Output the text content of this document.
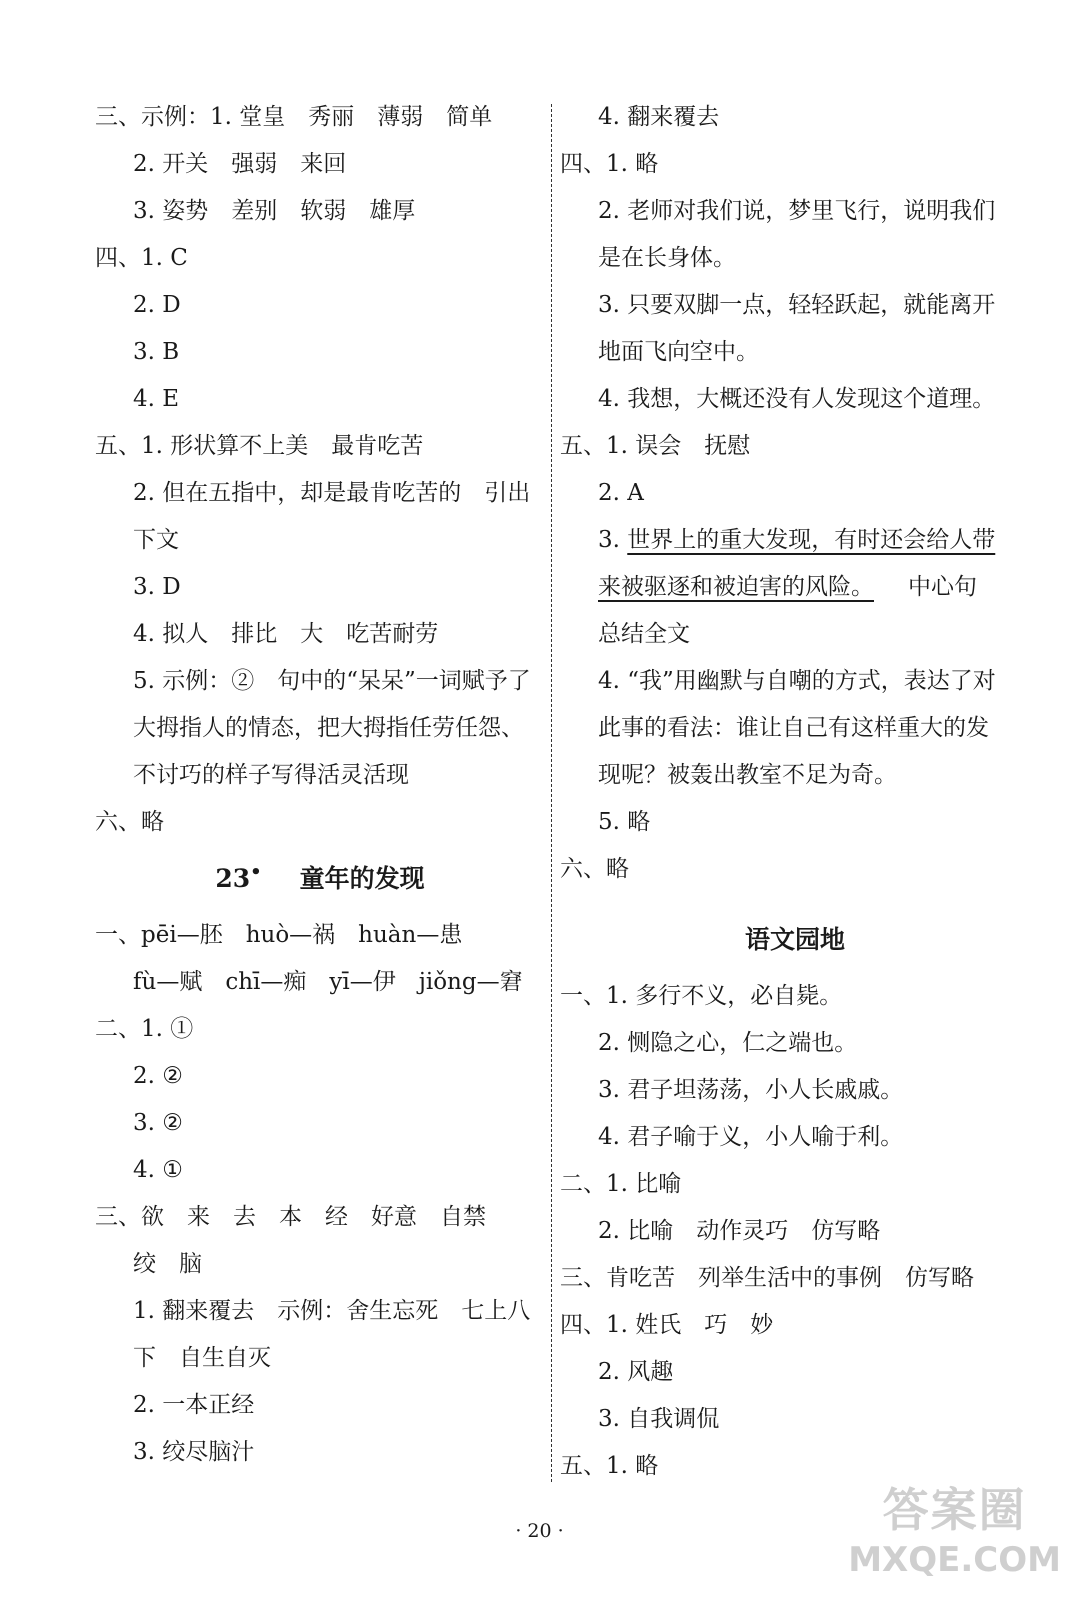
三、示例：1. 堂皇　秀丽　薄弱　简单
2. 开关　强弱　来回
3. 姿势　差别　软弱　雄厚
四、1. C
2. D
3. B
4. E
五、1. 形状算不上美　最肯吃苦
2. 但在五指中，却是最肯吃苦的　引出
下文
3. D
4. 拟人　排比　大　吃苦耐劳
5. 示例：②　句中的“呆呆”一词赋予了
大拇指人的情态，把大拇指任劳任怨、
不讨巧的样子写得活灵活现
六、略
23• 童年的发现
一、pēi—胚　huò—祸　huàn—患
fù—赋　chī—痴　yī—伊　jiǒng—窘
二、1. ①
2. ②
3. ②
4. ①
三、欲　来　去　本　经　好意　自禁
绞　脑
1. 翻来覆去　示例：舍生忘死　七上八
下　自生自灭
2. 一本正经
3. 绞尽脑汁
4. 翻来覆去
四、1. 略
2. 老师对我们说，梦里飞行，说明我们
是在长身体。
3. 只要双脚一点，轻轻跃起，就能离开
地面飞向空中。
4. 我想，大概还没有人发现这个道理。
五、1. 误会　抚慰
2. A
3. 世界上的重大发现，有时还会给人带
来被驱逐和被迫害的风险。 中心句
总结全文
4. “我”用幽默与自嘲的方式，表达了对
此事的看法：谁让自己有这样重大的发
现呢？被轰出教室不足为奇。
5. 略
六、略
语文园地
一、1. 多行不义，必自毙。
2. 恻隐之心，仁之端也。
3. 君子坦荡荡，小人长戚戚。
4. 君子喻于义，小人喻于利。
二、1. 比喻
2. 比喻　动作灵巧　仿写略
三、肯吃苦　列举生活中的事例　仿写略
四、1. 姓氏　巧　妙
2. 风趣
3. 自我调侃
五、1. 略
· 20 ·	答案圈
MXQE.COM
